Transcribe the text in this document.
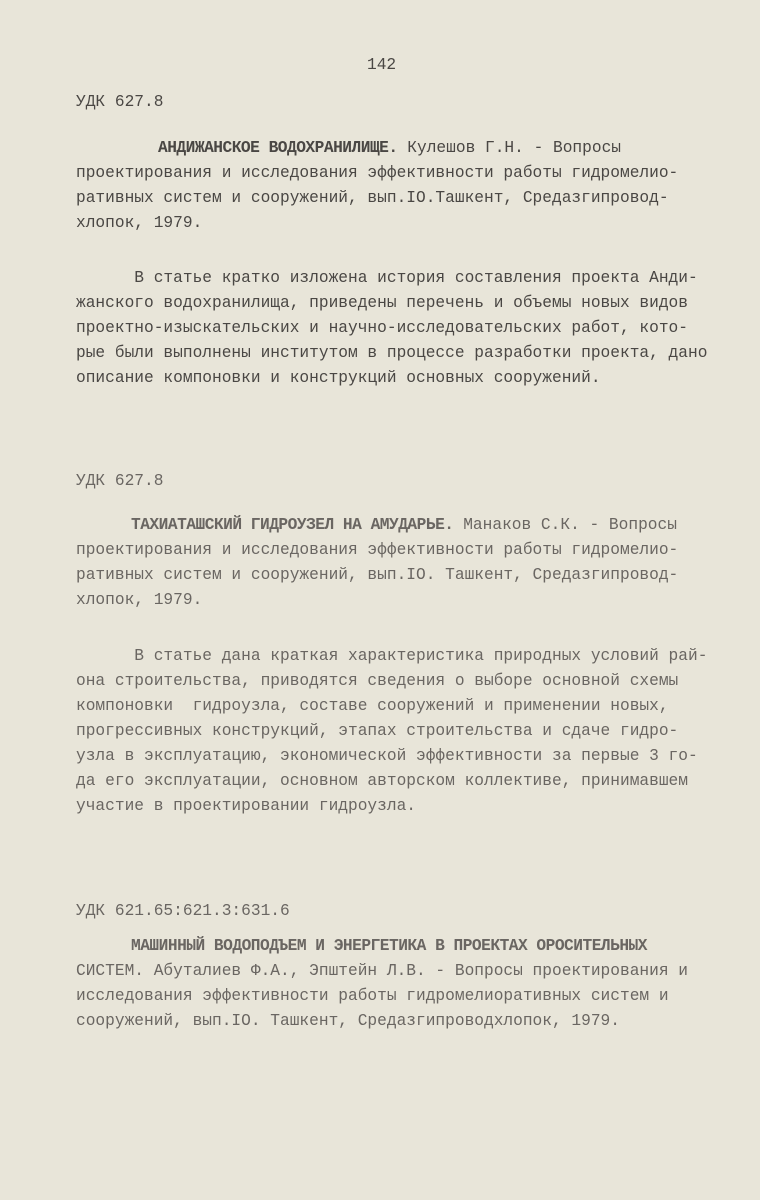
142
УДК 627.8
АНДИЖАНСКОЕ ВОДОХРАНИЛИЩЕ. Кулешов Г.Н. - Вопросы
проектирования и исследования эффективности работы гидромелио-
ративных систем и сооружений, вып.IO.Ташкент, Средазгипровод-
хлопок, 1979.
В статье кратко изложена история составления проекта Анди-
жанского водохранилища, приведены перечень и объемы новых видов
проектно-изыскательских и научно-исследовательских работ, кото-
рые были выполнены институтом в процессе разработки проекта, дано
описание компоновки и конструкций основных сооружений.
УДК 627.8
ТАХИАТАШСКИЙ ГИДРОУЗЕЛ НА АМУДАРЬЕ. Манаков С.К. - Вопросы
проектирования и исследования эффективности работы гидромелио-
ративных систем и сооружений, вып.IO. Ташкент, Средазгипровод-
хлопок, 1979.
В статье дана краткая характеристика природных условий рай-
она строительства, приводятся сведения о выборе основной схемы
компоновки  гидроузла, составе сооружений и применении новых,
прогрессивных конструкций, этапах строительства и сдаче гидро-
узла в эксплуатацию, экономической эффективности за первые 3 го-
да его эксплуатации, основном авторском коллективе, принимавшем
участие в проектировании гидроузла.
УДК 621.65:621.3:631.6
МАШИННЫЙ ВОДОПОДЪЕМ И ЭНЕРГЕТИКА В ПРОЕКТАХ ОРОСИТЕЛЬНЫХ
СИСТЕМ. Абуталиев Ф.А., Эпштейн Л.В. - Вопросы проектирования и
исследования эффективности работы гидромелиоративных систем и
сооружений, вып.IO. Ташкент, Средазгипроводхлопок, 1979.
